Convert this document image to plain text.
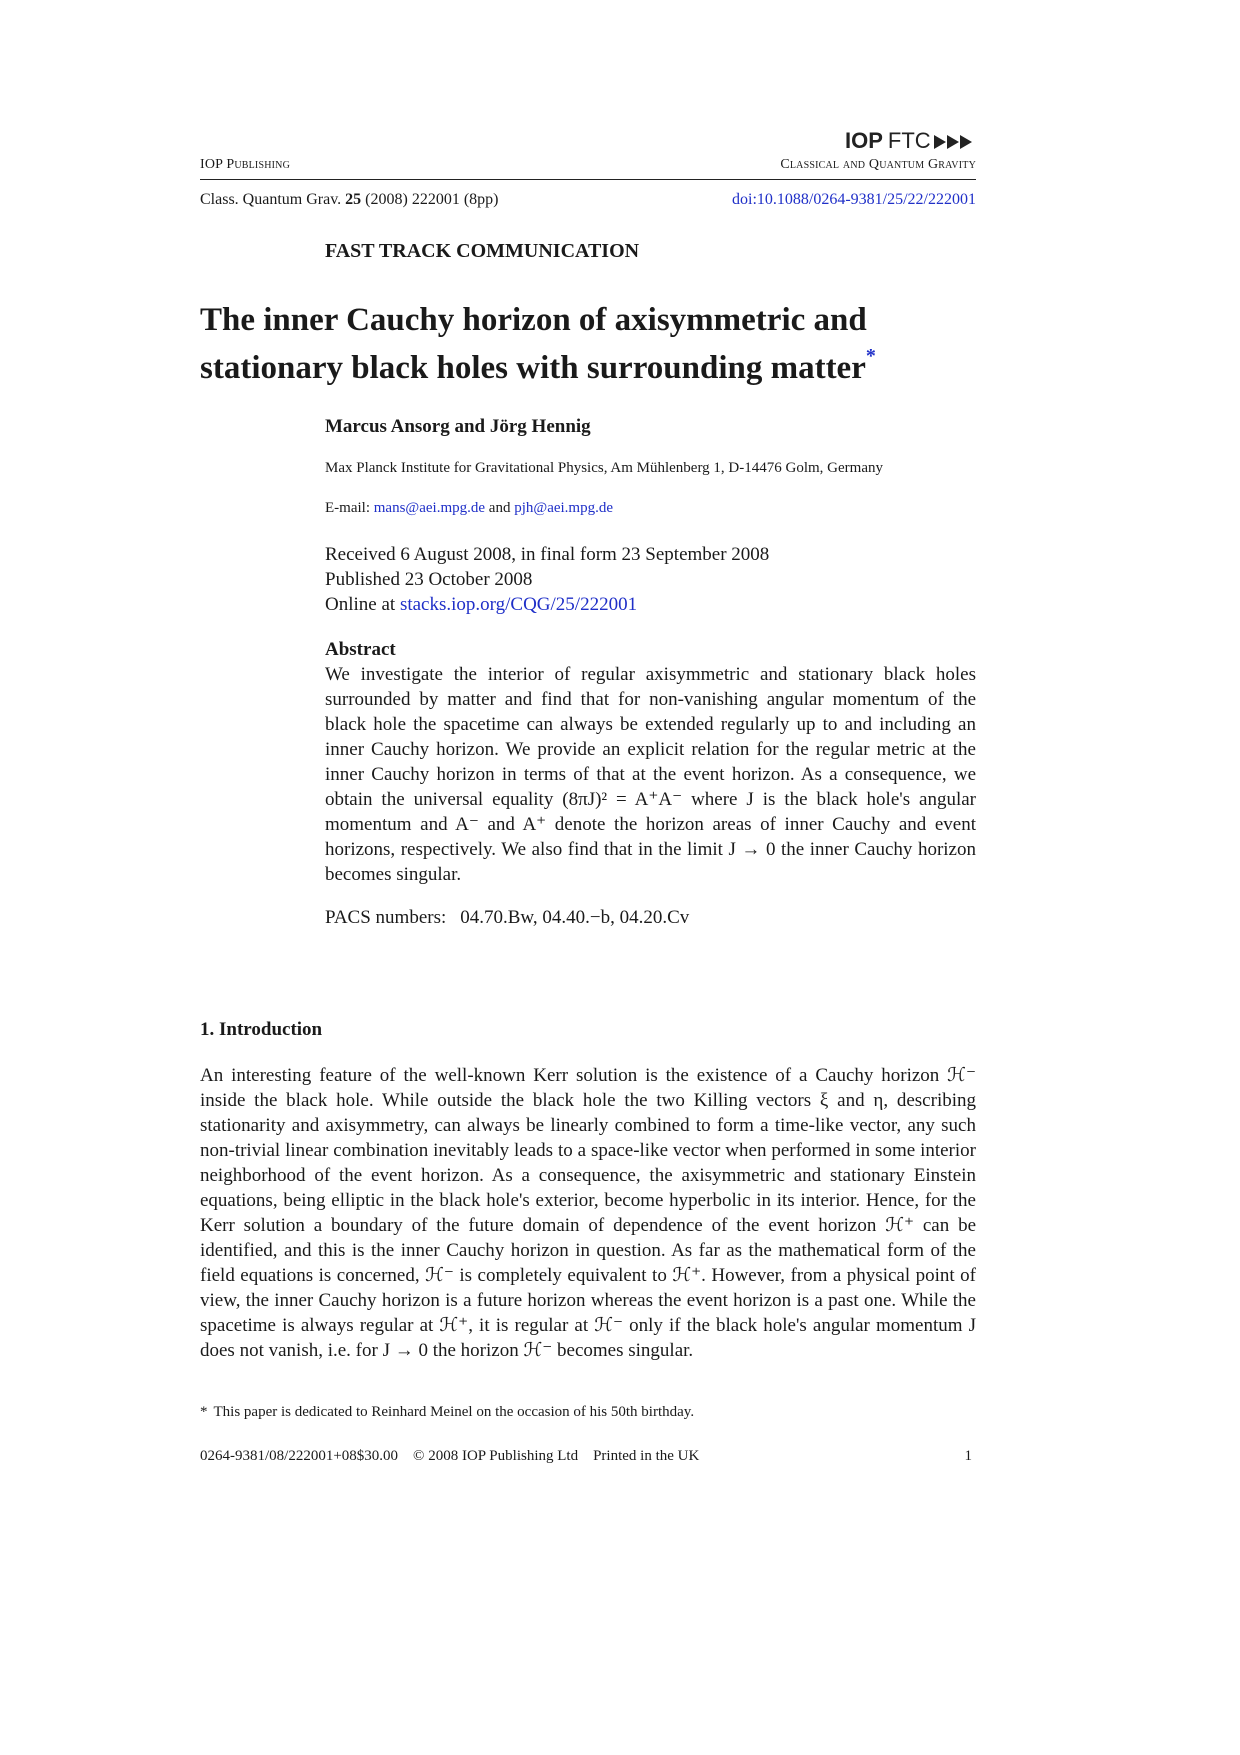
IOP FTC
IOP Publishing	Classical and Quantum Gravity
Class. Quantum Grav. 25 (2008) 222001 (8pp)	doi:10.1088/0264-9381/25/22/222001
FAST TRACK COMMUNICATION
The inner Cauchy horizon of axisymmetric and
stationary black holes with surrounding matter*
Marcus Ansorg and Jörg Hennig
Max Planck Institute for Gravitational Physics, Am Mühlenberg 1, D-14476 Golm, Germany
E-mail: mans@aei.mpg.de and pjh@aei.mpg.de
Received 6 August 2008, in final form 23 September 2008
Published 23 October 2008
Online at stacks.iop.org/CQG/25/222001
Abstract
We investigate the interior of regular axisymmetric and stationary black holes surrounded by matter and find that for non-vanishing angular momentum of the black hole the spacetime can always be extended regularly up to and including an inner Cauchy horizon. We provide an explicit relation for the regular metric at the inner Cauchy horizon in terms of that at the event horizon. As a consequence, we obtain the universal equality (8πJ)² = A⁺A⁻ where J is the black hole's angular momentum and A⁻ and A⁺ denote the horizon areas of inner Cauchy and event horizons, respectively. We also find that in the limit J → 0 the inner Cauchy horizon becomes singular.
PACS numbers: 04.70.Bw, 04.40.−b, 04.20.Cv
1. Introduction
An interesting feature of the well-known Kerr solution is the existence of a Cauchy horizon ℋ⁻ inside the black hole. While outside the black hole the two Killing vectors ξ and η, describing stationarity and axisymmetry, can always be linearly combined to form a time-like vector, any such non-trivial linear combination inevitably leads to a space-like vector when performed in some interior neighborhood of the event horizon. As a consequence, the axisymmetric and stationary Einstein equations, being elliptic in the black hole's exterior, become hyperbolic in its interior. Hence, for the Kerr solution a boundary of the future domain of dependence of the event horizon ℋ⁺ can be identified, and this is the inner Cauchy horizon in question. As far as the mathematical form of the field equations is concerned, ℋ⁻ is completely equivalent to ℋ⁺. However, from a physical point of view, the inner Cauchy horizon is a future horizon whereas the event horizon is a past one. While the spacetime is always regular at ℋ⁺, it is regular at ℋ⁻ only if the black hole's angular momentum J does not vanish, i.e. for J → 0 the horizon ℋ⁻ becomes singular.
* This paper is dedicated to Reinhard Meinel on the occasion of his 50th birthday.
0264-9381/08/222001+08$30.00 © 2008 IOP Publishing Ltd Printed in the UK	1
